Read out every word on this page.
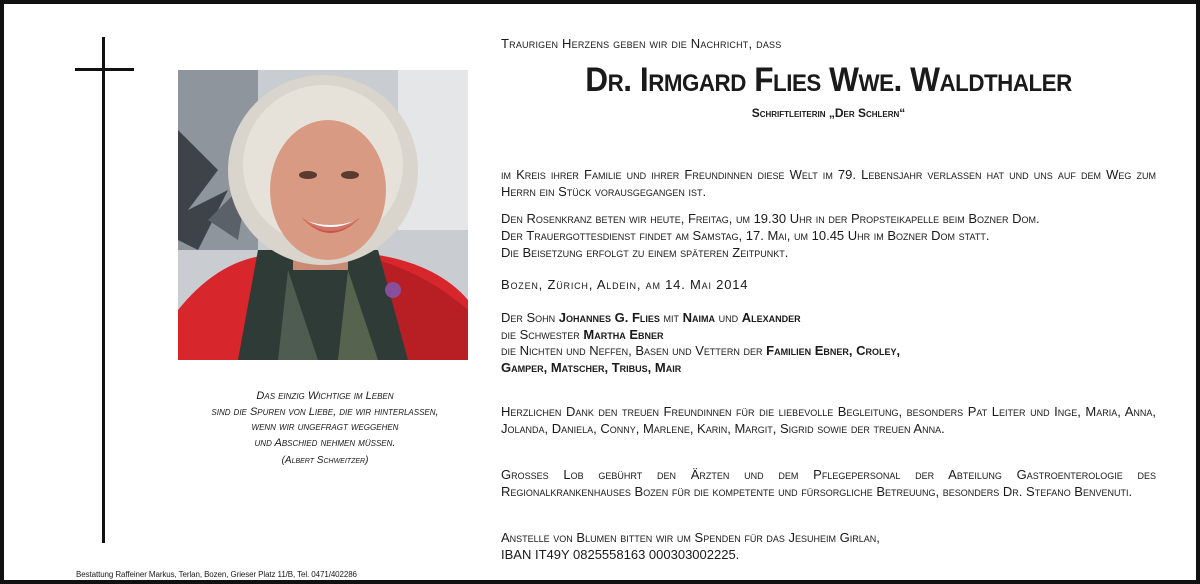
Das einzig Wichtige im Leben
sind die Spuren von Liebe, die wir hinterlassen,
wenn wir ungefragt weggehen
und Abschied nehmen müssen.
(Albert Schweitzer)
Bestattung Raffeiner Markus, Terlan, Bozen, Grieser Platz 11/B, Tel. 0471/402286
Traurigen Herzens geben wir die Nachricht, dass
Dr. Irmgard Flies Wwe. Waldthaler
Schriftleiterin „Der Schlern“
im Kreis ihrer Familie und ihrer Freundinnen diese Welt im 79. Lebensjahr verlassen hat und uns auf dem Weg zum Herrn ein Stück vorausgegangen ist.
Den Rosenkranz beten wir heute, Freitag, um 19.30 Uhr in der Propsteikapelle beim Bozner Dom.
Der Trauergottesdienst findet am Samstag, 17. Mai, um 10.45 Uhr im Bozner Dom statt.
Die Beisetzung erfolgt zu einem späteren Zeitpunkt.
Bozen, Zürich, Aldein, am 14. Mai 2014
Der Sohn Johannes G. Flies mit Naima und Alexander
die Schwester Martha Ebner
die Nichten und Neffen, Basen und Vettern der Familien Ebner, Croley,
Gamper, Matscher, Tribus, Mair
Herzlichen Dank den treuen Freundinnen für die liebevolle Begleitung, besonders Pat Leiter und Inge, Maria, Anna, Jolanda, Daniela, Conny, Marlene, Karin, Margit, Sigrid sowie der treuen Anna.
Grosses Lob gebührt den Ärzten und dem Pflegepersonal der Abteilung Gastroenterologie des Regionalkrankenhauses Bozen für die kompetente und fürsorgliche Betreuung, besonders Dr. Stefano Benvenuti.
Anstelle von Blumen bitten wir um Spenden für das Jesuheim Girlan,
IBAN IT49Y 0825558163 000303002225.
